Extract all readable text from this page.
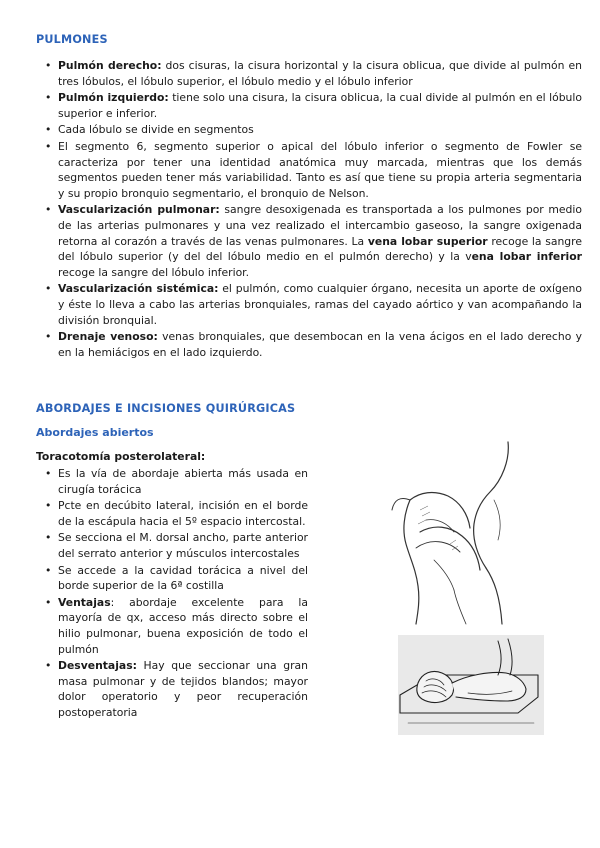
PULMONES
• Pulmón derecho: dos cisuras, la cisura horizontal y la cisura oblicua, que divide al pulmón en tres lóbulos, el lóbulo superior, el lóbulo medio y el lóbulo inferior
• Pulmón izquierdo: tiene solo una cisura, la cisura oblicua, la cual divide al pulmón en el lóbulo superior e inferior.
• Cada lóbulo se divide en segmentos
• El segmento 6, segmento superior o apical del lóbulo inferior o segmento de Fowler se caracteriza por tener una identidad anatómica muy marcada, mientras que los demás segmentos pueden tener más variabilidad. Tanto es así que tiene su propia arteria segmentaria y su propio bronquio segmentario, el bronquio de Nelson.
• Vascularización pulmonar: sangre desoxigenada es transportada a los pulmones por medio de las arterias pulmonares y una vez realizado el intercambio gaseoso, la sangre oxigenada retorna al corazón a través de las venas pulmonares. La vena lobar superior recoge la sangre del lóbulo superior (y del del lóbulo medio en el pulmón derecho) y la vena lobar inferior recoge la sangre del lóbulo inferior.
• Vascularización sistémica: el pulmón, como cualquier órgano, necesita un aporte de oxígeno y éste lo lleva a cabo las arterias bronquiales, ramas del cayado aórtico y van acompañando la división bronquial.
• Drenaje venoso: venas bronquiales, que desembocan en la vena ácigos en el lado derecho y en la hemiácigos en el lado izquierdo.
ABORDAJES E INCISIONES QUIRÚRGICAS
Abordajes abiertos
Toracotomía posterolateral:
• Es la vía de abordaje abierta más usada en cirugía torácica
• Pcte en decúbito lateral, incisión en el borde de la escápula hacia el 5º espacio intercostal.
• Se secciona el M. dorsal ancho, parte anterior del serrato anterior y músculos intercostales
• Se accede a la cavidad torácica a nivel del borde superior de la 6ª costilla
• Ventajas: abordaje excelente para la mayoría de qx, acceso más directo sobre el hilio pulmonar, buena exposición de todo el pulmón
• Desventajas: Hay que seccionar una gran masa pulmonar y de tejidos blandos; mayor dolor operatorio y peor recuperación postoperatoria
